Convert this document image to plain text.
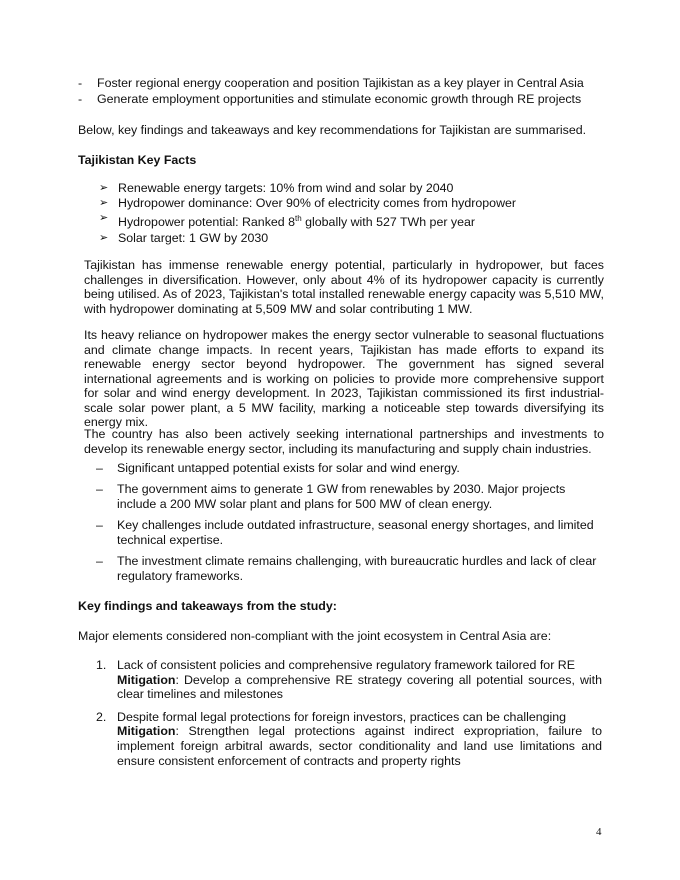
- Foster regional energy cooperation and position Tajikistan as a key player in Central Asia
- Generate employment opportunities and stimulate economic growth through RE projects

Below, key findings and takeaways and key recommendations for Tajikistan are summarised.

Tajikistan Key Facts
➢ Renewable energy targets: 10% from wind and solar by 2040
➢ Hydropower dominance: Over 90% of electricity comes from hydropower
➢ Hydropower potential: Ranked 8th globally with 527 TWh per year
➢ Solar target: 1 GW by 2030

Tajikistan has immense renewable energy potential, particularly in hydropower, but faces challenges in diversification. However, only about 4% of its hydropower capacity is currently being utilised. As of 2023, Tajikistan's total installed renewable energy capacity was 5,510 MW, with hydropower dominating at 5,509 MW and solar contributing 1 MW.

Its heavy reliance on hydropower makes the energy sector vulnerable to seasonal fluctuations and climate change impacts. In recent years, Tajikistan has made efforts to expand its renewable energy sector beyond hydropower. The government has signed several international agreements and is working on policies to provide more comprehensive support for solar and wind energy development. In 2023, Tajikistan commissioned its first industrial-scale solar power plant, a 5 MW facility, marking a noticeable step towards diversifying its energy mix.

The country has also been actively seeking international partnerships and investments to develop its renewable energy sector, including its manufacturing and supply chain industries.

– Significant untapped potential exists for solar and wind energy.
– The government aims to generate 1 GW from renewables by 2030. Major projects include a 200 MW solar plant and plans for 500 MW of clean energy.
– Key challenges include outdated infrastructure, seasonal energy shortages, and limited technical expertise.
– The investment climate remains challenging, with bureaucratic hurdles and lack of clear regulatory frameworks.
Key findings and takeaways from the study:

Major elements considered non-compliant with the joint ecosystem in Central Asia are:

1. Lack of consistent policies and comprehensive regulatory framework tailored for RE
Mitigation: Develop a comprehensive RE strategy covering all potential sources, with clear timelines and milestones
2. Despite formal legal protections for foreign investors, practices can be challenging
Mitigation: Strengthen legal protections against indirect expropriation, failure to implement foreign arbitral awards, sector conditionality and land use limitations and ensure consistent enforcement of contracts and property rights
4
